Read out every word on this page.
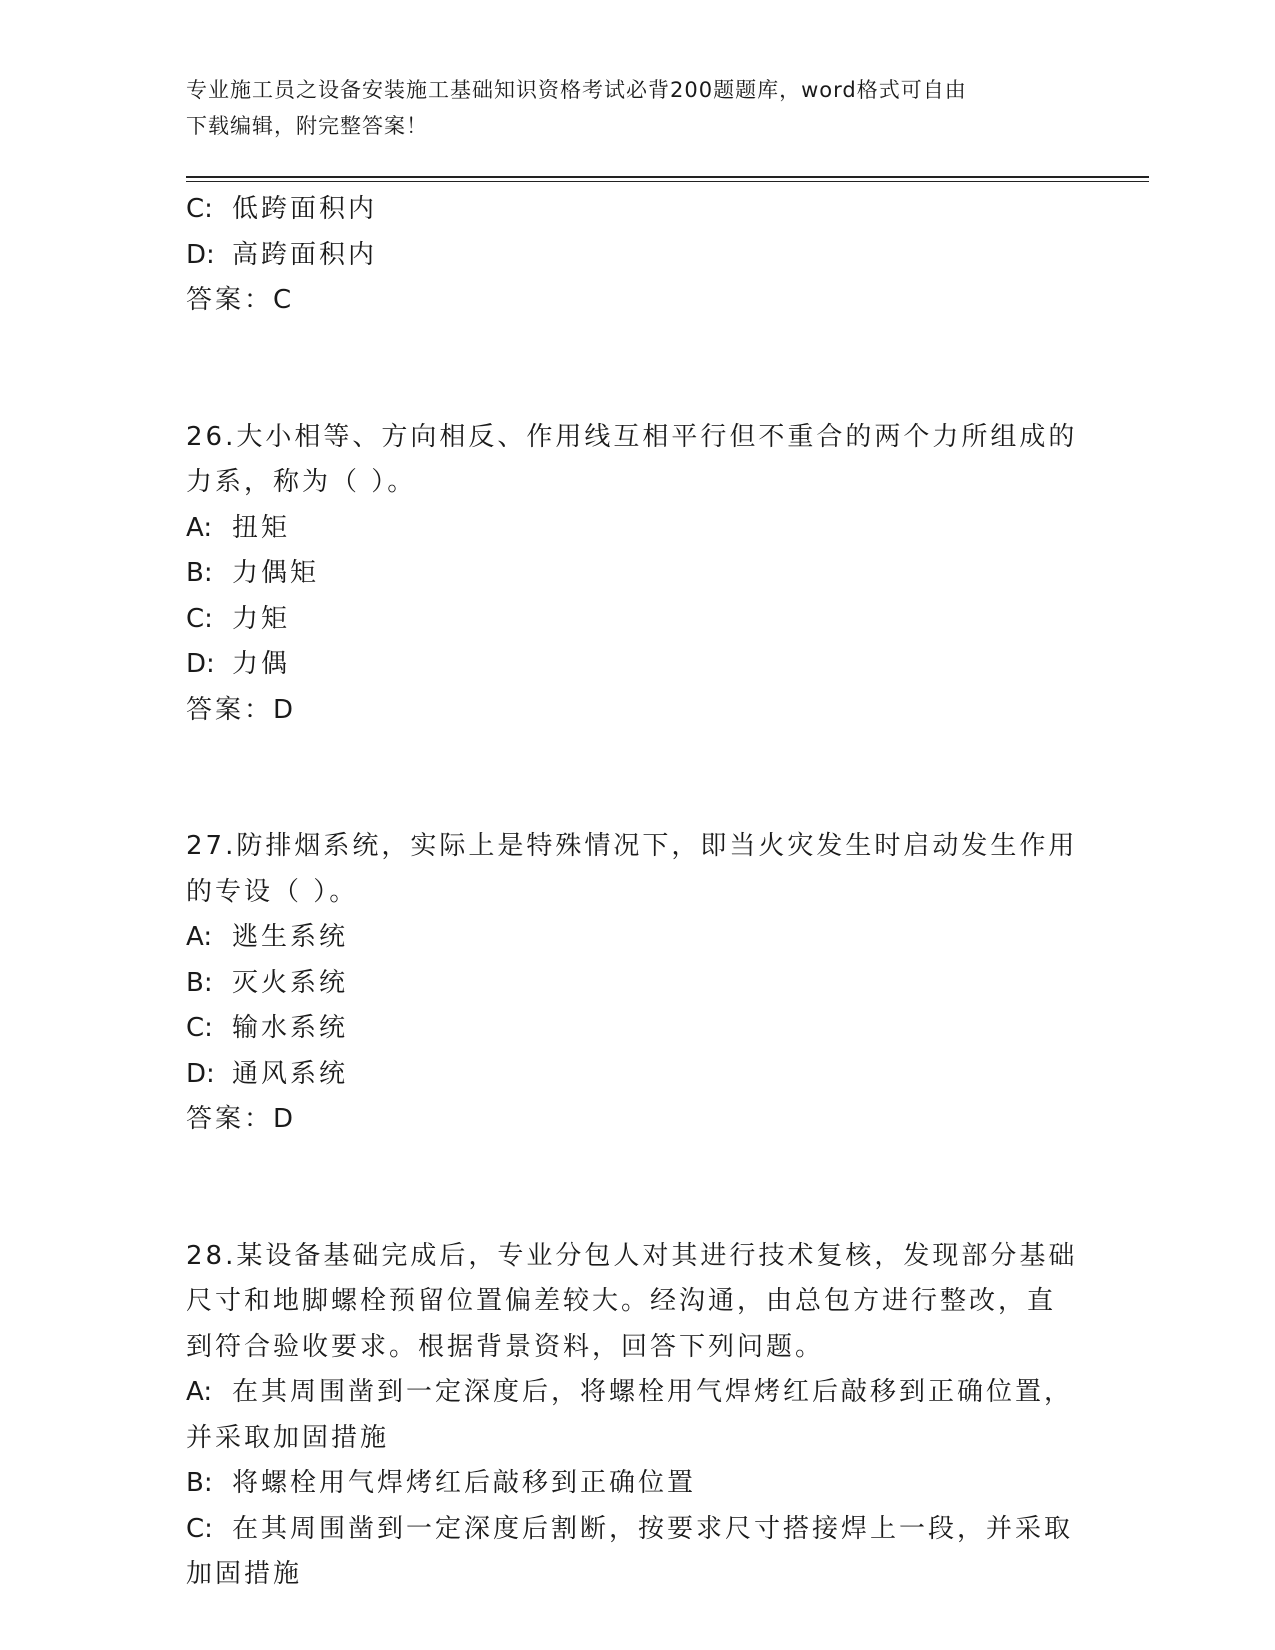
专业施工员之设备安装施工基础知识资格考试必背200题题库，word格式可自由
下载编辑，附完整答案！
C: 低跨面积内
D: 高跨面积内
答案：C
26.大小相等、方向相反、作用线互相平行但不重合的两个力所组成的
力系，称为（ ）。
A: 扭矩
B: 力偶矩
C: 力矩
D: 力偶
答案：D
27.防排烟系统，实际上是特殊情况下，即当火灾发生时启动发生作用
的专设（ ）。
A: 逃生系统
B: 灭火系统
C: 输水系统
D: 通风系统
答案：D
28.某设备基础完成后，专业分包人对其进行技术复核，发现部分基础
尺寸和地脚螺栓预留位置偏差较大。经沟通，由总包方进行整改，直
到符合验收要求。根据背景资料，回答下列问题。
A: 在其周围凿到一定深度后，将螺栓用气焊烤红后敲移到正确位置，
并采取加固措施
B: 将螺栓用气焊烤红后敲移到正确位置
C: 在其周围凿到一定深度后割断，按要求尺寸搭接焊上一段，并采取
加固措施
